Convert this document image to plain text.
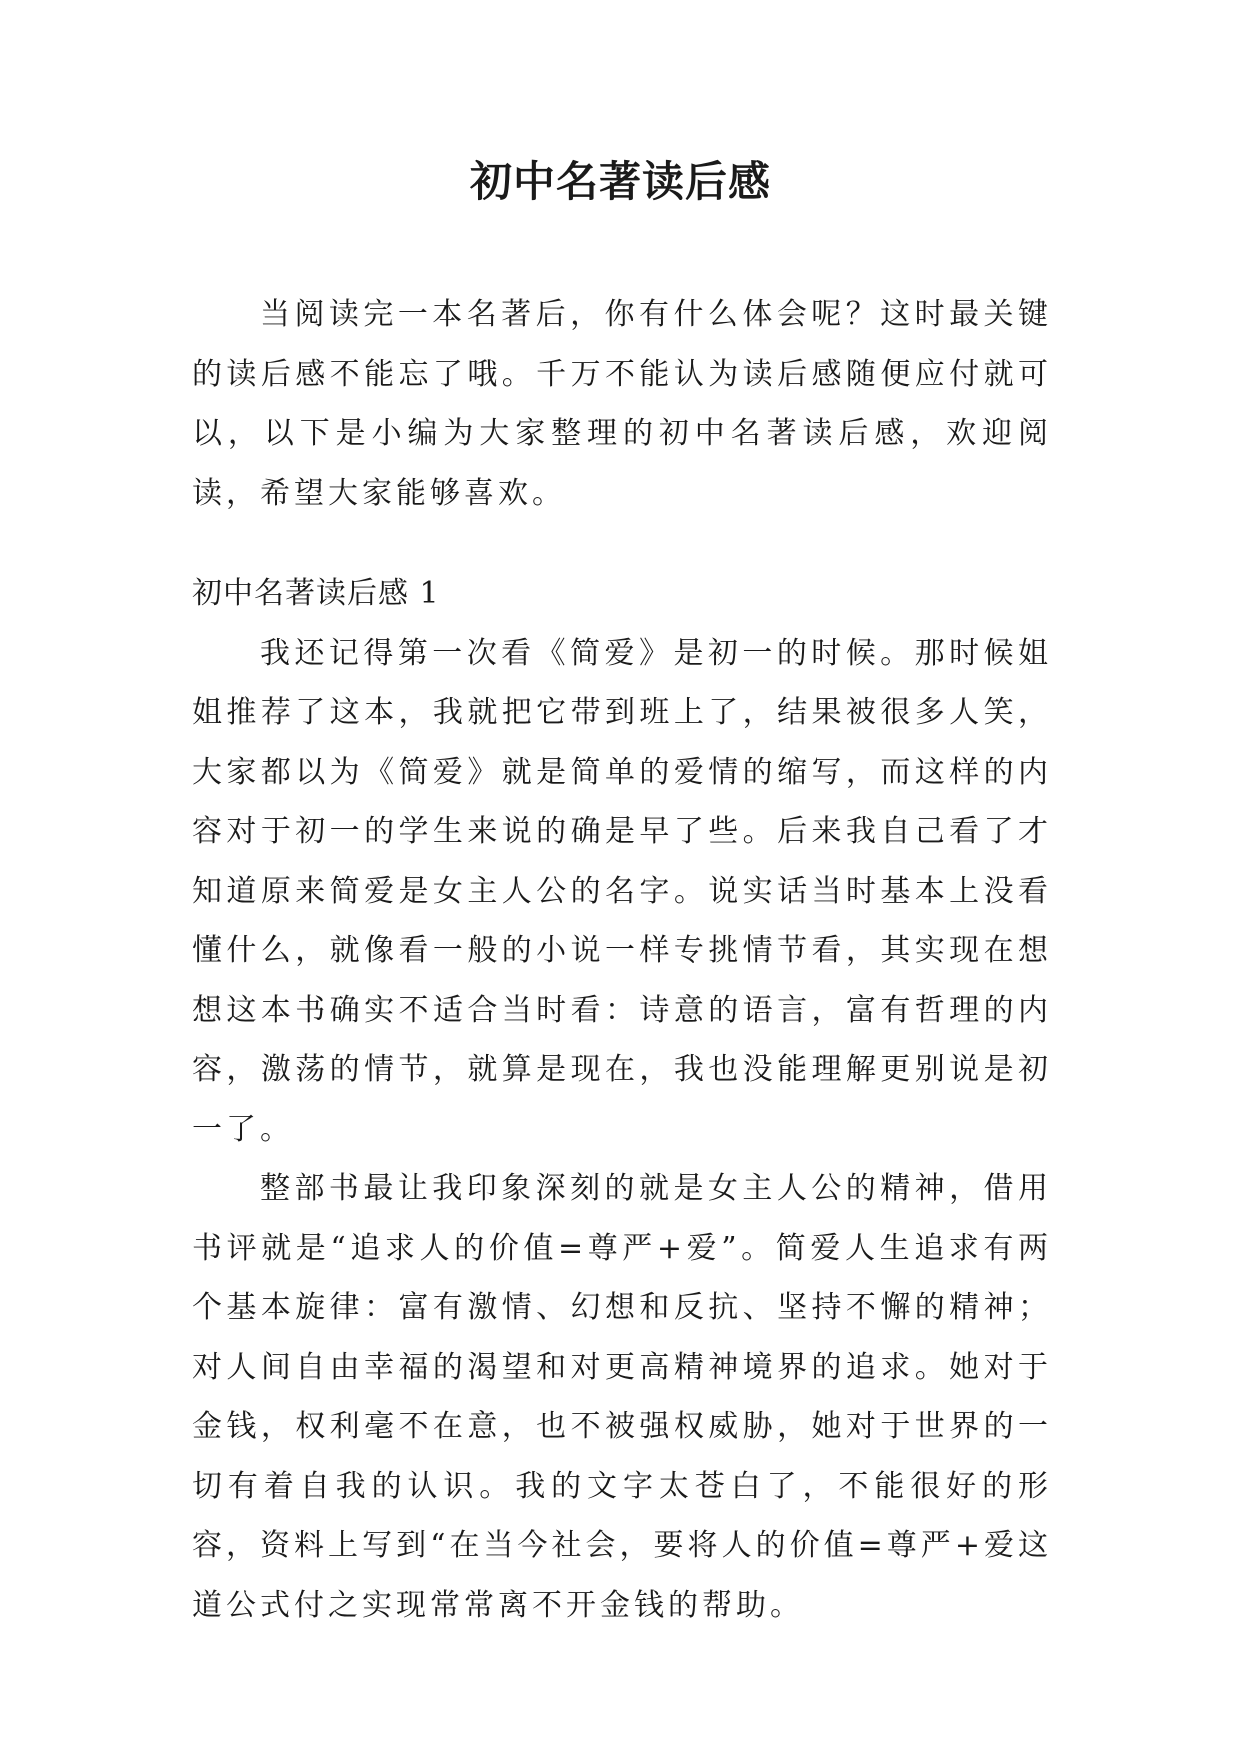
初中名著读后感

当阅读完一本名著后，你有什么体会呢？这时最关键的读后感不能忘了哦。千万不能认为读后感随便应付就可以，以下是小编为大家整理的初中名著读后感，欢迎阅读，希望大家能够喜欢。

初中名著读后感 1

我还记得第一次看《简爱》是初一的时候。那时候姐姐推荐了这本，我就把它带到班上了，结果被很多人笑，大家都以为《简爱》就是简单的爱情的缩写，而这样的内容对于初一的学生来说的确是早了些。后来我自己看了才知道原来简爱是女主人公的名字。说实话当时基本上没看懂什么，就像看一般的小说一样专挑情节看，其实现在想想这本书确实不适合当时看：诗意的语言，富有哲理的内容，激荡的情节，就算是现在，我也没能理解更别说是初一了。

整部书最让我印象深刻的就是女主人公的精神，借用书评就是“追求人的价值=尊严+爱”。简爱人生追求有两个基本旋律：富有激情、幻想和反抗、坚持不懈的精神；对人间自由幸福的渴望和对更高精神境界的追求。她对于金钱，权利毫不在意，也不被强权威胁，她对于世界的一切有着自我的认识。我的文字太苍白了，不能很好的形容，资料上写到“在当今社会，要将人的价值=尊严+爱这道公式付之实现常常离不开金钱的帮助。
